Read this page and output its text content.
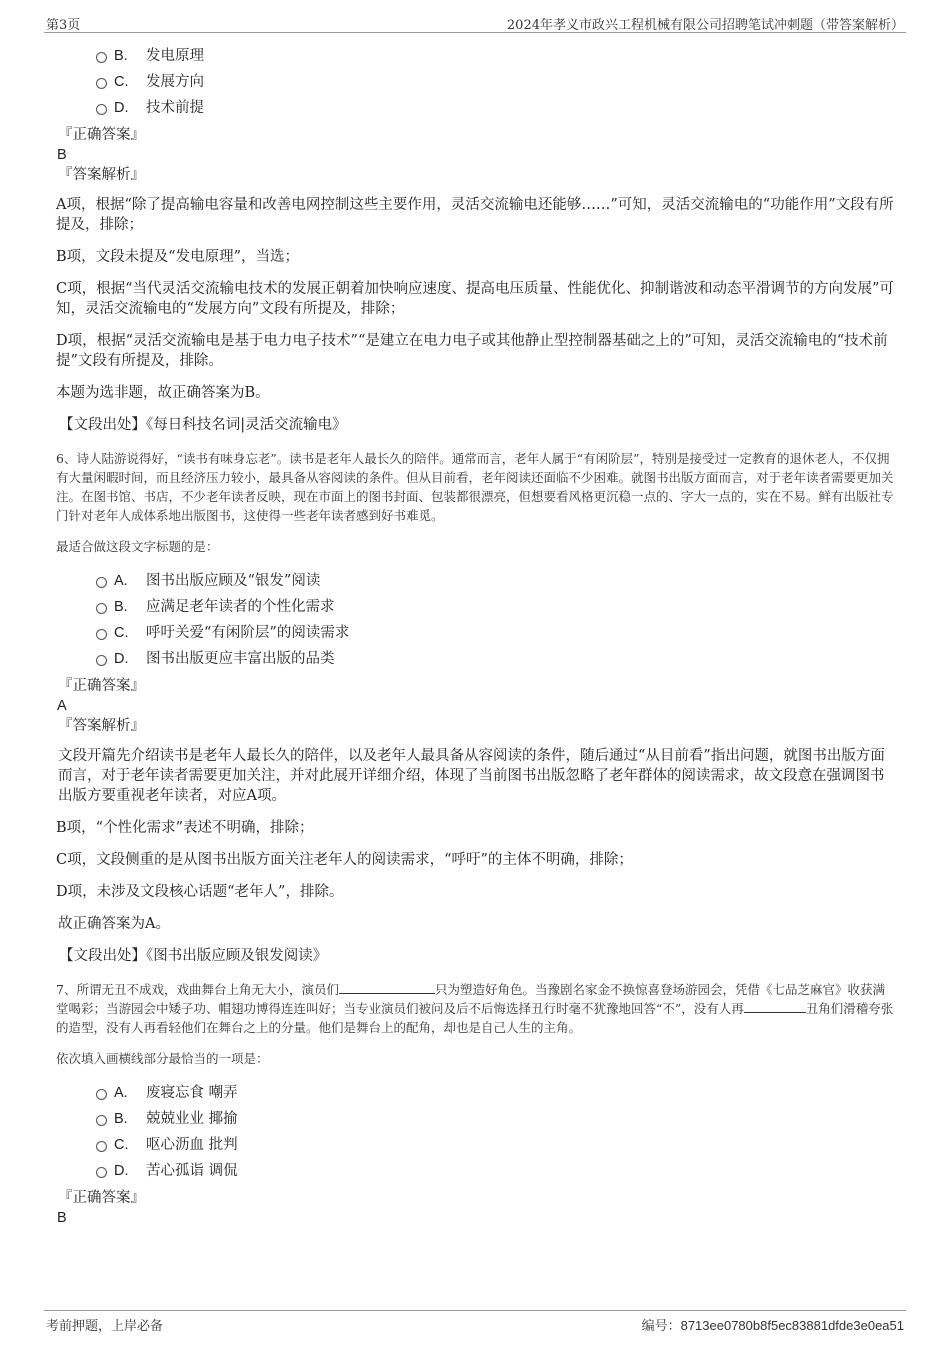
第3页	2024年孝义市政兴工程机械有限公司招聘笔试冲刺题（带答案解析）
B. 发电原理
C. 发展方向
D. 技术前提
『正确答案』
B
『答案解析』

A项，根据“除了提高输电容量和改善电网控制这些主要作用，灵活交流输电还能够……”可知，灵活交流输电的“功能作用”文段有所提及，排除；

B项，文段未提及“发电原理”，当选；

C项，根据“当代灵活交流输电技术的发展正朝着加快响应速度、提高电压质量、性能优化、抑制谐波和动态平滑调节的方向发展”可知，灵活交流输电的“发展方向”文段有所提及，排除；

D项，根据“灵活交流输电是基于电力电子技术”“是建立在电力电子或其他静止型控制器基础之上的”可知，灵活交流输电的“技术前提”文段有所提及，排除。

本题为选非题，故正确答案为B。

【文段出处】《每日科技名词|灵活交流输电》

6、诗人陆游说得好，“读书有味身忘老”。读书是老年人最长久的陪伴。通常而言，老年人属于“有闲阶层”，特别是接受过一定教育的退休老人，不仅拥有大量闲暇时间，而且经济压力较小，最具备从容阅读的条件。但从目前看，老年阅读还面临不少困难。就图书出版方面而言，对于老年读者需要更加关注。在图书馆、书店，不少老年读者反映，现在市面上的图书封面、包装都很漂亮，但想要看风格更沉稳一点的、字大一点的，实在不易。鲜有出版社专门针对老年人成体系地出版图书，这使得一些老年读者感到好书难觅。

最适合做这段文字标题的是：

A. 图书出版应顾及“银发”阅读
B. 应满足老年读者的个性化需求
C. 呼吁关爱“有闲阶层”的阅读需求
D. 图书出版更应丰富出版的品类
『正确答案』
A
『答案解析』

文段开篇先介绍读书是老年人最长久的陪伴，以及老年人最具备从容阅读的条件，随后通过“从目前看”指出问题，就图书出版方面而言，对于老年读者需要更加关注，并对此展开详细介绍，体现了当前图书出版忽略了老年群体的阅读需求，故文段意在强调图书出版方要重视老年读者，对应A项。

B项，“个性化需求”表述不明确，排除；

C项，文段侧重的是从图书出版方面关注老年人的阅读需求，“呼吁”的主体不明确，排除；

D项，未涉及文段核心话题“老年人”，排除。

故正确答案为A。

【文段出处】《图书出版应顾及银发阅读》

7、所谓无丑不成戏，戏曲舞台上角无大小，演员们	只为塑造好角色。当豫剧名家金不换惊喜登场游园会，凭借《七品芝麻官》收获满堂喝彩；当游园会中矮子功、帽翅功博得连连叫好；当专业演员们被问及后不后悔选择丑行时毫不犹豫地回答“不”，没有人再	丑角们滑稽夸张的造型，没有人再看轻他们在舞台之上的分量。他们是舞台上的配角，却也是自己人生的主角。

依次填入画横线部分最恰当的一项是：

A. 废寝忘食 嘲弄
B. 兢兢业业 揶揄
C. 呕心沥血 批判
D. 苦心孤诣 调侃
『正确答案』
B
考前押题，上岸必备	编号：8713ee0780b8f5ec83881dfde3e0ea51
